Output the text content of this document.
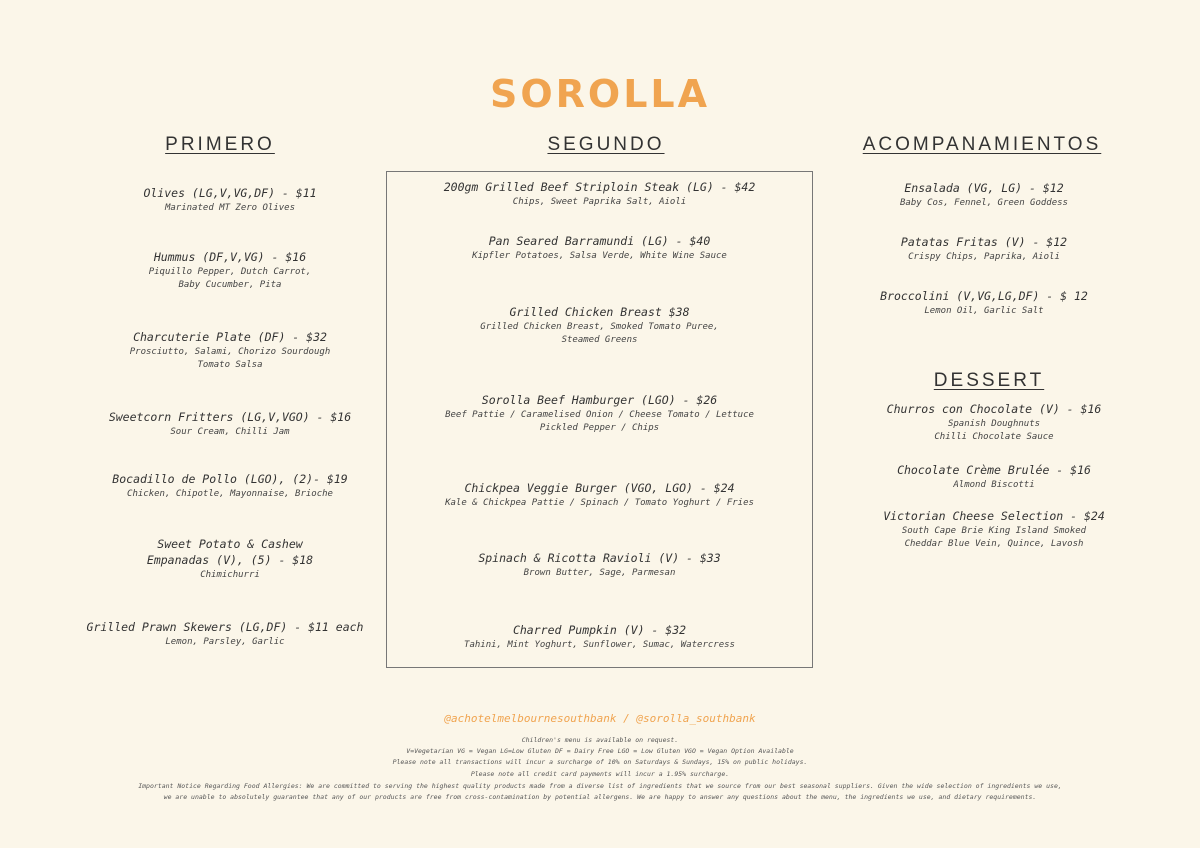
SOROLLA
PRIMERO	SEGUNDO	ACOMPANAMIENTOS
DESSERT
Olives (LG,V,VG,DF) - $11
Marinated MT Zero Olives
Hummus (DF,V,VG) - $16
Piquillo Pepper, Dutch Carrot,
Baby Cucumber, Pita
Charcuterie Plate (DF) - $32
Prosciutto, Salami, Chorizo Sourdough
Tomato Salsa
Sweetcorn Fritters (LG,V,VGO) - $16
Sour Cream, Chilli Jam
Bocadillo de Pollo (LGO), (2)- $19
Chicken, Chipotle, Mayonnaise, Brioche
Sweet Potato & Cashew
Empanadas (V), (5) - $18
Chimichurri
Grilled Prawn Skewers (LG,DF) - $11 each
Lemon, Parsley, Garlic
200gm Grilled Beef Striploin Steak (LG) - $42
Chips, Sweet Paprika Salt, Aioli
Pan Seared Barramundi (LG) - $40
Kipfler Potatoes, Salsa Verde, White Wine Sauce
Grilled Chicken Breast $38
Grilled Chicken Breast, Smoked Tomato Puree,
Steamed Greens
Sorolla Beef Hamburger (LGO) - $26
Beef Pattie / Caramelised Onion / Cheese Tomato / Lettuce
Pickled Pepper / Chips
Chickpea Veggie Burger (VGO, LGO) - $24
Kale & Chickpea Pattie / Spinach / Tomato Yoghurt / Fries
Spinach & Ricotta Ravioli (V) - $33
Brown Butter, Sage, Parmesan
Charred Pumpkin (V) - $32
Tahini, Mint Yoghurt, Sunflower, Sumac, Watercress
Ensalada (VG, LG) - $12
Baby Cos, Fennel, Green Goddess
Patatas Fritas (V) - $12
Crispy Chips, Paprika, Aioli
Broccolini (V,VG,LG,DF) - $ 12
Lemon Oil, Garlic Salt
Churros con Chocolate (V) - $16
Spanish Doughnuts
Chilli Chocolate Sauce
Chocolate Crème Brulée - $16
Almond Biscotti
Victorian Cheese Selection - $24
South Cape Brie King Island Smoked
Cheddar Blue Vein, Quince, Lavosh
@achotelmelbournesouthbank / @sorolla_southbank
Children's menu is available on request.
V=Vegetarian VG = Vegan LG=Low Gluten DF = Dairy Free LGO = Low Gluten VGO = Vegan Option Available
Please note all transactions will incur a surcharge of 10% on Saturdays & Sundays, 15% on public holidays.
Please note all credit card payments will incur a 1.95% surcharge.
Important Notice Regarding Food Allergies: We are committed to serving the highest quality products made from a diverse list of ingredients that we source from our best seasonal suppliers. Given the wide selection of ingredients we use,
we are unable to absolutely guarantee that any of our products are free from cross-contamination by potential allergens. We are happy to answer any questions about the menu, the ingredients we use, and dietary requirements.
